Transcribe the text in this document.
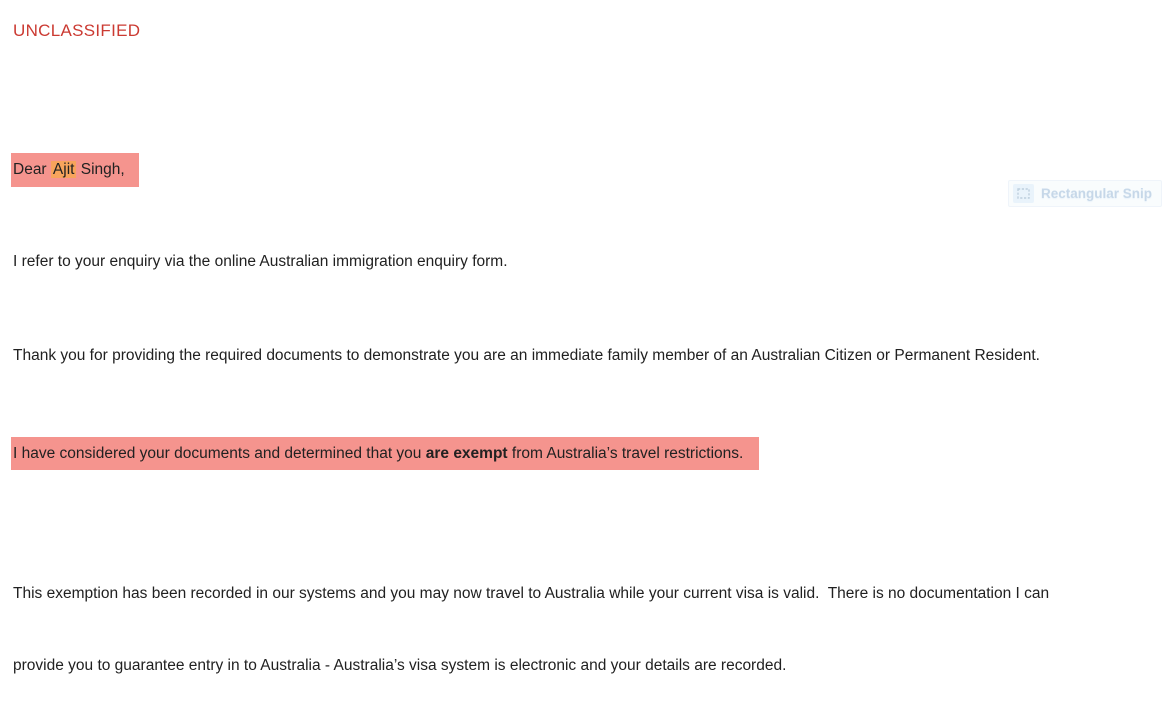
UNCLASSIFIED
Dear Ajit Singh,
Rectangular Snip

I refer to your enquiry via the online Australian immigration enquiry form.

Thank you for providing the required documents to demonstrate you are an immediate family member of an Australian Citizen or Permanent Resident.

I have considered your documents and determined that you are exempt from Australia’s travel restrictions.

This exemption has been recorded in our systems and you may now travel to Australia while your current visa is valid.  There is no documentation I can

provide you to guarantee entry in to Australia - Australia’s visa system is electronic and your details are recorded.
